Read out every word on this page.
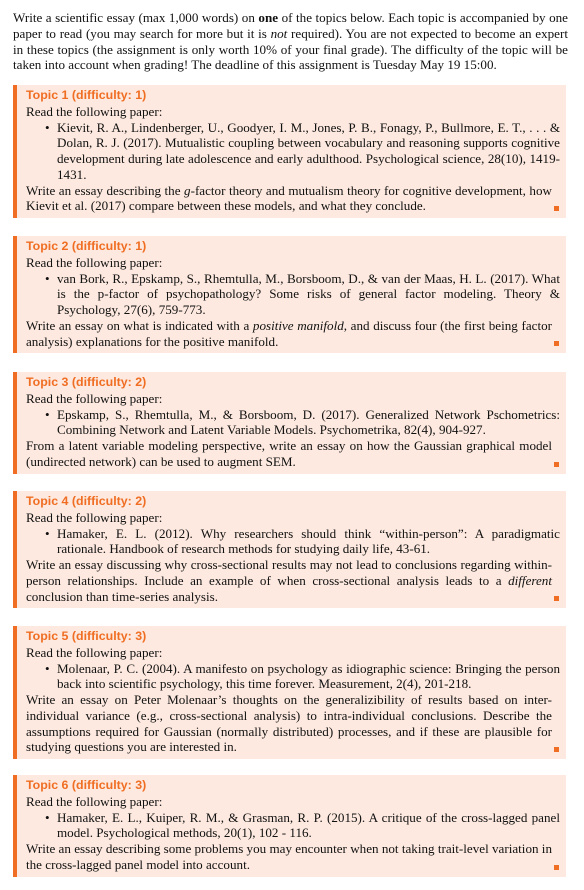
Write a scientific essay (max 1,000 words) on one of the topics below. Each topic is accompanied by one paper to read (you may search for more but it is not required). You are not expected to become an expert in these topics (the assignment is only worth 10% of your final grade). The difficulty of the topic will be taken into account when grading! The deadline of this assignment is Tuesday May 19 15:00.
Topic 1 (difficulty: 1)
Read the following paper:
• Kievit, R. A., Lindenberger, U., Goodyer, I. M., Jones, P. B., Fonagy, P., Bullmore, E. T., . . . & Dolan, R. J. (2017). Mutualistic coupling between vocabulary and reasoning supports cognitive development during late adolescence and early adulthood. Psychological science, 28(10), 1419-1431.
Write an essay describing the g-factor theory and mutualism theory for cognitive development, how Kievit et al. (2017) compare between these models, and what they conclude.
Topic 2 (difficulty: 1)
Read the following paper:
• van Bork, R., Epskamp, S., Rhemtulla, M., Borsboom, D., & van der Maas, H. L. (2017). What is the p-factor of psychopathology? Some risks of general factor modeling. Theory & Psychology, 27(6), 759-773.
Write an essay on what is indicated with a positive manifold, and discuss four (the first being factor analysis) explanations for the positive manifold.
Topic 3 (difficulty: 2)
Read the following paper:
• Epskamp, S., Rhemtulla, M., & Borsboom, D. (2017). Generalized Network Pschometrics: Combining Network and Latent Variable Models. Psychometrika, 82(4), 904-927.
From a latent variable modeling perspective, write an essay on how the Gaussian graphical model (undirected network) can be used to augment SEM.
Topic 4 (difficulty: 2)
Read the following paper:
• Hamaker, E. L. (2012). Why researchers should think “within-person”: A paradigmatic rationale. Handbook of research methods for studying daily life, 43-61.
Write an essay discussing why cross-sectional results may not lead to conclusions regarding within-person relationships. Include an example of when cross-sectional analysis leads to a different conclusion than time-series analysis.
Topic 5 (difficulty: 3)
Read the following paper:
• Molenaar, P. C. (2004). A manifesto on psychology as idiographic science: Bringing the person back into scientific psychology, this time forever. Measurement, 2(4), 201-218.
Write an essay on Peter Molenaar’s thoughts on the generalizibility of results based on inter-individual variance (e.g., cross-sectional analysis) to intra-individual conclusions. Describe the assumptions required for Gaussian (normally distributed) processes, and if these are plausible for studying questions you are interested in.
Topic 6 (difficulty: 3)
Read the following paper:
• Hamaker, E. L., Kuiper, R. M., & Grasman, R. P. (2015). A critique of the cross-lagged panel model. Psychological methods, 20(1), 102 - 116.
Write an essay describing some problems you may encounter when not taking trait-level variation in the cross-lagged panel model into account.
